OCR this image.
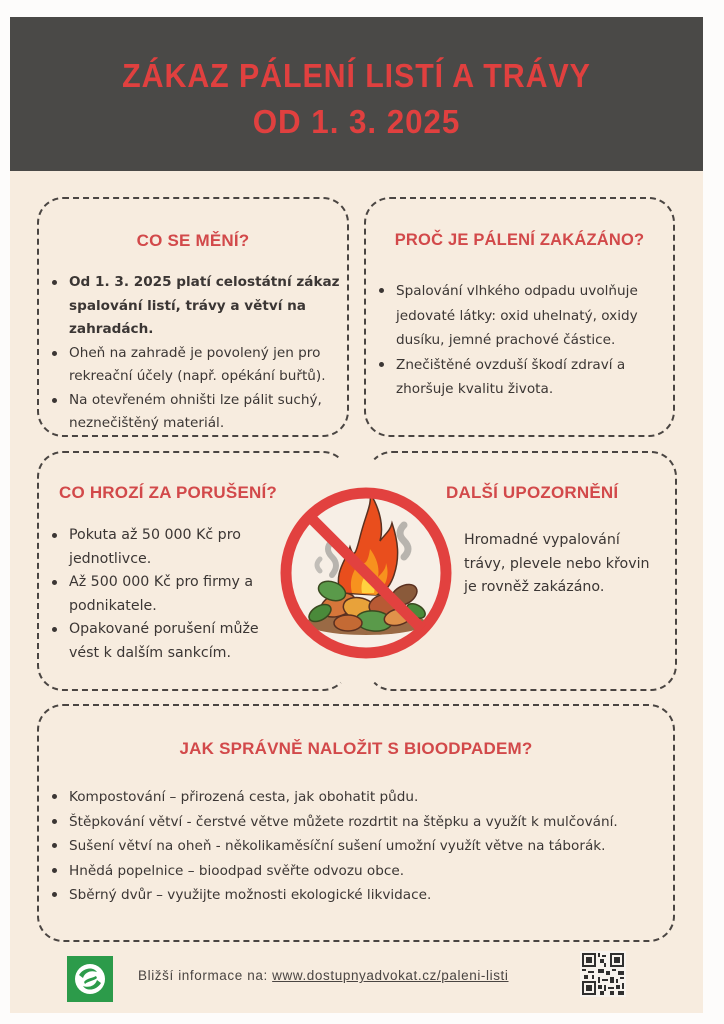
ZÁKAZ PÁLENÍ LISTÍ A TRÁVY
OD 1. 3. 2025
CO SE MĚNÍ?
Od 1. 3. 2025 platí celostátní zákaz spalování listí, trávy a větví na zahradách.
Oheň na zahradě je povolený jen pro rekreační účely (např. opékání buřtů).
Na otevřeném ohništi lze pálit suchý, neznečištěný materiál.
PROČ JE PÁLENÍ ZAKÁZÁNO?
Spalování vlhkého odpadu uvolňuje jedovaté látky: oxid uhelnatý, oxidy dusíku, jemné prachové částice.
Znečištěné ovzduší škodí zdraví a zhoršuje kvalitu života.
CO HROZÍ ZA PORUŠENÍ?
Pokuta až 50 000 Kč pro jednotlivce.
Až 500 000 Kč pro firmy a podnikatele.
Opakované porušení může vést k dalším sankcím.
DALŠÍ UPOZORNĚNÍ
Hromadné vypalování trávy, plevele nebo křovin je rovněž zakázáno.
JAK SPRÁVNĚ NALOŽIT S BIOODPADEM?
Kompostování – přirozená cesta, jak obohatit půdu.
Štěpkování větví - čerstvé větve můžete rozdrtit na štěpku a využít k mulčování.
Sušení větví na oheň - několikaměsíční sušení umožní využít větve na táborák.
Hnědá popelnice – bioodpad svěřte odvozu obce.
Sběrný dvůr – využijte možnosti ekologické likvidace.
Bližší informace na: www.dostupnyadvokat.cz/paleni-listi
